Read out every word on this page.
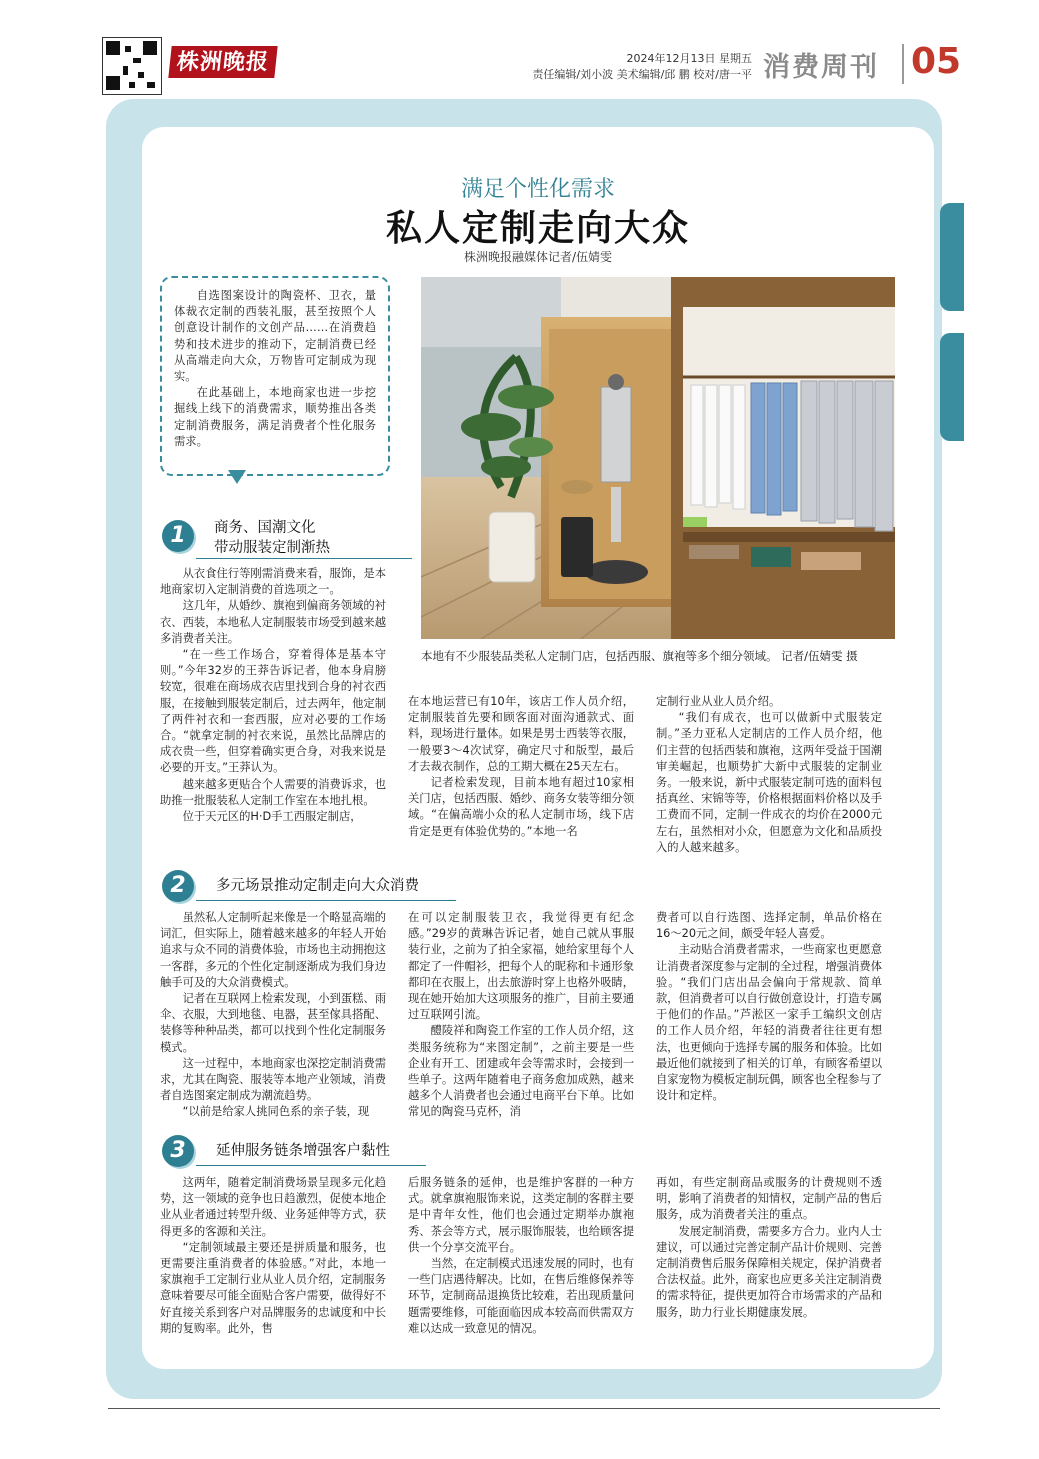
株洲晚报	2024年12月13日 星期五
责任编辑/刘小波 美术编辑/邱 鹏 校对/唐一平 消费周刊 05
满足个性化需求
私人定制走向大众
株洲晚报融媒体记者/伍婧雯

自选图案设计的陶瓷杯、卫衣，量体裁衣定制的西装礼服，甚至按照个人创意设计制作的文创产品……在消费趋势和技术进步的推动下，定制消费已经从高端走向大众，万物皆可定制成为现实。

在此基础上，本地商家也进一步挖掘线上线下的消费需求，顺势推出各类定制消费服务，满足消费者个性化服务需求。

本地有不少服装品类私人定制门店，包括西服、旗袍等多个细分领域。 记者/伍婧雯 摄
1	商务、国潮文化
带动服装定制渐热

从衣食住行等刚需消费来看，服饰，是本地商家切入定制消费的首选项之一。

这几年，从婚纱、旗袍到偏商务领域的衬衣、西装，本地私人定制服装市场受到越来越多消费者关注。

“在一些工作场合，穿着得体是基本守则。”今年32岁的王莽告诉记者，他本身肩膀较宽，很难在商场成衣店里找到合身的衬衣西服，在接触到服装定制后，过去两年，他定制了两件衬衣和一套西服，应对必要的工作场合。“就拿定制的衬衣来说，虽然比品牌店的成衣贵一些，但穿着确实更合身，对我来说是必要的开支。”王莽认为。

越来越多更贴合个人需要的消费诉求，也助推一批服装私人定制工作室在本地扎根。

位于天元区的H·D手工西服定制店，

在本地运营已有10年，该店工作人员介绍，定制服装首先要和顾客面对面沟通款式、面料，现场进行量体。如果是男士西装等衣服，一般要3～4次试穿，确定尺寸和版型，最后才去裁衣制作，总的工期大概在25天左右。

记者检索发现，目前本地有超过10家相关门店，包括西服、婚纱、商务女装等细分领域。“在偏高端小众的私人定制市场，线下店肯定是更有体验优势的。”本地一名

定制行业从业人员介绍。

“我们有成衣，也可以做新中式服装定制。”圣力亚私人定制店的工作人员介绍，他们主营的包括西装和旗袍，这两年受益于国潮审美崛起，也顺势扩大新中式服装的定制业务。一般来说，新中式服装定制可选的面料包括真丝、宋锦等等，价格根据面料价格以及手工费而不同，定制一件成衣的均价在2000元左右，虽然相对小众，但愿意为文化和品质投入的人越来越多。

2	多元场景推动定制走向大众消费

虽然私人定制听起来像是一个略显高端的词汇，但实际上，随着越来越多的年轻人开始追求与众不同的消费体验，市场也主动拥抱这一客群，多元的个性化定制逐渐成为我们身边触手可及的大众消费模式。

记者在互联网上检索发现，小到蛋糕、雨伞、衣服，大到地毯、电器，甚至傢具搭配、装修等种种品类，都可以找到个性化定制服务模式。

这一过程中，本地商家也深挖定制消费需求，尤其在陶瓷、服装等本地产业领域，消费者自选图案定制成为潮流趋势。

“以前是给家人挑同色系的亲子装，现

在可以定制服装卫衣，我觉得更有纪念感。”29岁的黄琳告诉记者，她自己就从事服装行业，之前为了拍全家福，她给家里每个人都定了一件帽衫，把每个人的昵称和卡通形象都印在衣服上，出去旅游时穿上也格外吸睛，现在她开始加大这项服务的推广，目前主要通过互联网引流。

醴陵祥和陶瓷工作室的工作人员介绍，这类服务统称为“来图定制”，之前主要是一些企业有开工、团建或年会等需求时，会接到一些单子。这两年随着电子商务愈加成熟，越来越多个人消费者也会通过电商平台下单。比如常见的陶瓷马克杯，消

费者可以自行选图、选择定制，单品价格在16～20元之间，颇受年轻人喜爱。

主动贴合消费者需求，一些商家也更愿意让消费者深度参与定制的全过程，增强消费体验。“我们门店出品会偏向于常规款、简单款，但消费者可以自行做创意设计，打造专属于他们的作品。”芦淞区一家手工编织文创店的工作人员介绍，年轻的消费者往往更有想法，也更倾向于选择专属的服务和体验。比如最近他们就接到了相关的订单，有顾客希望以自家宠物为模板定制玩偶，顾客也全程参与了设计和定样。

3	延伸服务链条增强客户黏性

这两年，随着定制消费场景呈现多元化趋势，这一领域的竞争也日趋激烈，促使本地企业从业者通过转型升级、业务延伸等方式，获得更多的客源和关注。

“定制领域最主要还是拼质量和服务，也更需要注重消费者的体验感。”对此，本地一家旗袍手工定制行业从业人员介绍，定制服务意味着要尽可能全面贴合客户需要，做得好不好直接关系到客户对品牌服务的忠诚度和中长期的复购率。此外，售

后服务链条的延伸，也是维护客群的一种方式。就拿旗袍服饰来说，这类定制的客群主要是中青年女性，他们也会通过定期举办旗袍秀、茶会等方式，展示服饰服装，也给顾客提供一个分享交流平台。

当然，在定制模式迅速发展的同时，也有一些门店遇待解决。比如，在售后维修保养等环节，定制商品退换货比较难，若出现质量问题需要维修，可能面临因成本较高而供需双方难以达成一致意见的情况。

再如，有些定制商品或服务的计费规则不透明，影响了消费者的知情权，定制产品的售后服务，成为消费者关注的重点。

发展定制消费，需要多方合力。业内人士建议，可以通过完善定制产品计价规则、完善定制消费售后服务保障相关规定，保护消费者合法权益。此外，商家也应更多关注定制消费的需求特征，提供更加符合市场需求的产品和服务，助力行业长期健康发展。
